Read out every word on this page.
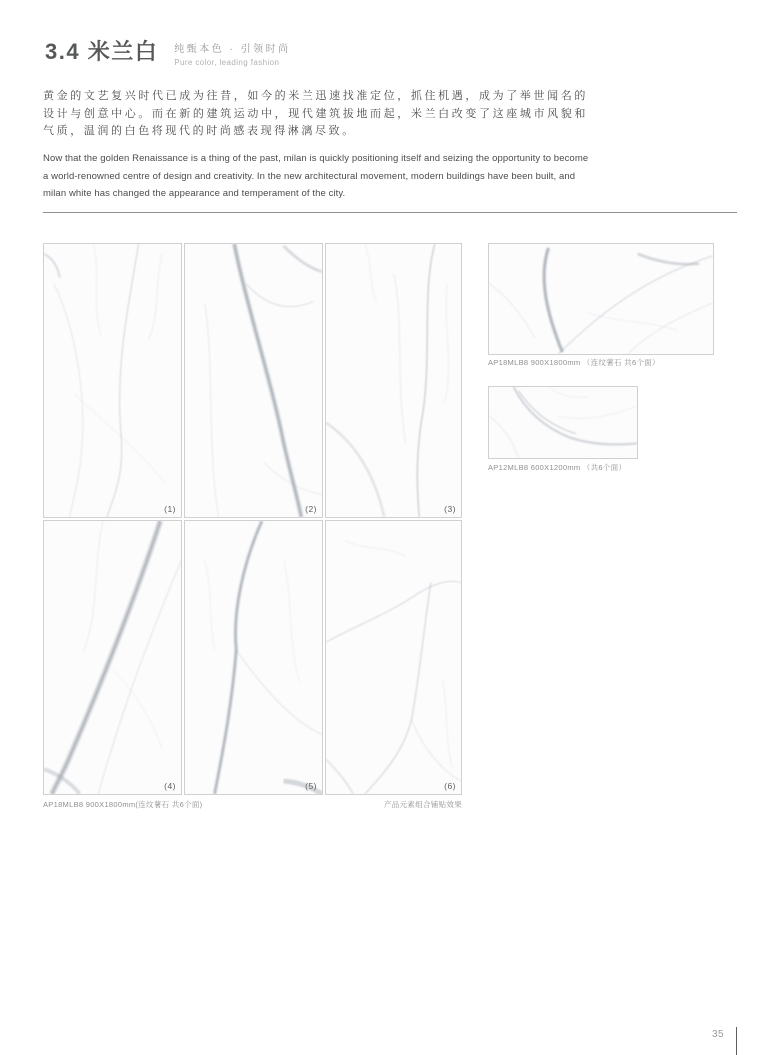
3.4 米兰白 纯甄本色 · 引领时尚
Pure color, leading fashion
黄金的文艺复兴时代已成为往昔，如今的米兰迅速找准定位，抓住机遇，成为了举世闻名的设计与创意中心。而在新的建筑运动中，现代建筑拔地而起，米兰白改变了这座城市风貌和气质，温润的白色将现代的时尚感表现得淋漓尽致。
Now that the golden Renaissance is a thing of the past, milan is quickly positioning itself and seizing the opportunity to become a world-renowned centre of design and creativity. In the new architectural movement, modern buildings have been built, and milan white has changed the appearance and temperament of the city.
(1)	(2)	(3)
(4)	(5)	(6)
AP18MLB8 900X1800mm （连纹薯石 共6个面）
AP12MLB8 600X1200mm （共6个面）
AP18MLB8 900X1800mm(连纹薯石 共6个面)	产品元素组合铺贴效果
35
